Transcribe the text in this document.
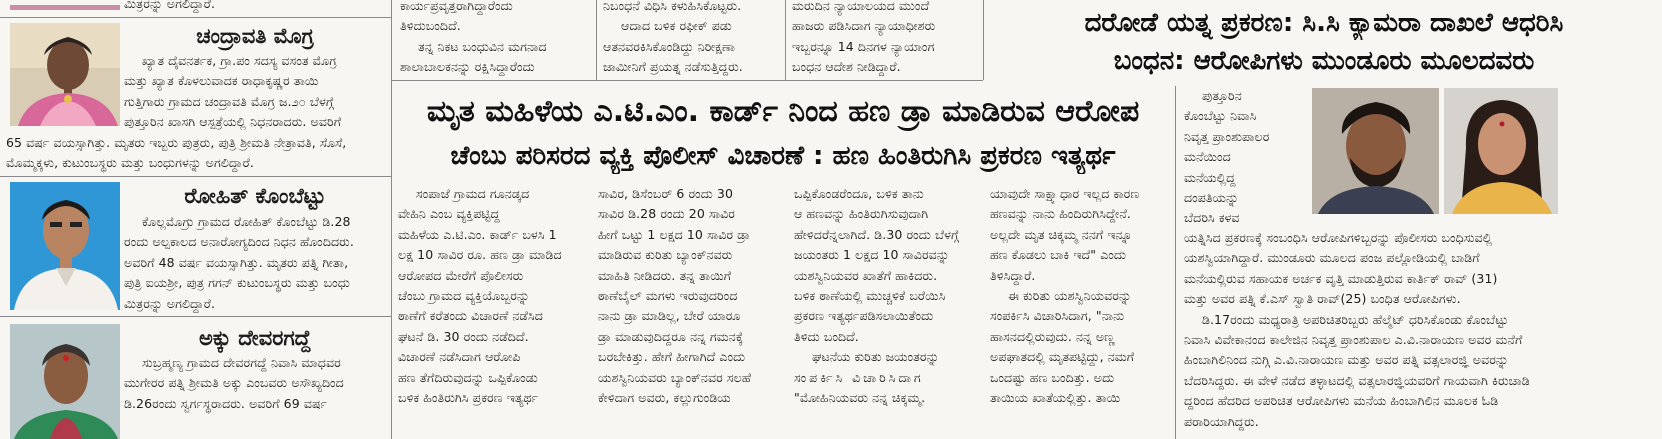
ಮಿತ್ರರನ್ನು ಅಗಲಿದ್ದಾರೆ.
ಚಂದ್ರಾವತಿ ಮೊಗ್ರ
ಖ್ಯಾತ ದೈವನರ್ತಕ, ಗ್ರಾ.ಪಂ ಸದಸ್ಯ ವಸಂತ ಮೊಗ್ರ
ಮತ್ತು ಖ್ಯಾತ ಕೊಳಲುವಾದಕ ರಾಧಾಕೃಷ್ಣರ ತಾಯಿ
ಗುತ್ತಿಗಾರು ಗ್ರಾಮದ ಚಂದ್ರಾವತಿ ಮೊಗ್ರ ಜ.೨೦ ಬೆಳಗ್ಗೆ
ಪುತ್ತೂರಿನ ಖಾಸಗಿ ಆಸ್ಪತ್ರೆಯಲ್ಲಿ ನಿಧನರಾದರು. ಅವರಿಗೆ
65 ವರ್ಷ ವಯಸ್ಸಾಗಿತ್ತು. ಮೃತರು ಇಬ್ಬರು ಪುತ್ರರು, ಪುತ್ರಿ ಶ್ರೀಮತಿ ನೇತ್ರಾವತಿ, ಸೊಸೆ,
ಮೊಮ್ಮಕ್ಕಳು, ಕುಟುಂಬಸ್ಥರು ಮತ್ತು ಬಂಧುಗಳನ್ನು ಅಗಲಿದ್ದಾರೆ.
ರೋಹಿತ್ ಕೊಂಬೆಟ್ಟು
ಕೊಲ್ಲಮೊಗ್ರು ಗ್ರಾಮದ ರೋಹಿತ್ ಕೊಂಬೆಟ್ಟು ಡಿ.28
ರಂದು ಅಲ್ಪಕಾಲದ ಅನಾರೋಗ್ಯದಿಂದ ನಿಧನ ಹೊಂದಿದರು.
ಅವರಿಗೆ 48 ವರ್ಷ ವಯಸ್ಸಾಗಿತ್ತು. ಮೃತರು ಪತ್ನಿ ಗೀತಾ,
ಪುತ್ರಿ ಐಯಶ್ರೀ, ಪುತ್ರ ಗಗನ್ ಕುಟುಂಬಸ್ಥರು ಮತ್ತು ಬಂಧು
ಮಿತ್ರರನ್ನು ಅಗಲಿದ್ದಾರೆ.
ಅಕ್ಕು ದೇವರಗದ್ದೆ
ಸುಬ್ರಹ್ಮಣ್ಯ ಗ್ರಾಮದ ದೇವರಗದ್ದೆ ನಿವಾಸಿ ಮಾಧವರ
ಮುಗೇರರ ಪತ್ನಿ ಶ್ರೀಮತಿ ಅಕ್ಕು ಎಂಬವರು ಅಸೌಖ್ಯದಿಂದ
ಡಿ.26ರಂದು ಸ್ವರ್ಗಸ್ಥರಾದರು. ಅವರಿಗೆ 69 ವರ್ಷ
ಕಾರ್ಯಪ್ರವೃತ್ತರಾಗಿದ್ದಾರೆಂದು
ತಿಳಿದುಬಂದಿದೆ.
ತನ್ನ ನಿಕಟ ಬಂಧುವಿನ ಮಗನಾದ
ಶಾಲಾಬಾಲಕನನ್ನು ರಕ್ಷಿಸಿದ್ದಾರೆಂದು
ನಿಬಂಧನೆ ವಿಧಿಸಿ ಕಳುಹಿಸಿಕೊಟ್ಟರು.
ಆದಾದ ಬಳಿಕ ರಫೀಕ್ ಪಡು
ಆತನವರಕಿಸಿಕೊಂಡಿದ್ದು ನಿರೀಕ್ಷಣಾ
ಜಾಮೀನಿಗೆ ಪ್ರಯತ್ನ ನಡೆಸುತ್ತಿದ್ದರು.
ಮರುದಿನ ನ್ಯಾಯಾಲಯದ ಮುಂದೆ
ಹಾಜರು ಪಡಿಸಿದಾಗ ನ್ಯಾಯಾಧೀಶರು
ಇಬ್ಬರನ್ನೂ 14 ದಿನಗಳ ನ್ಯಾಯಾಂಗ
ಬಂಧನ ಆದೇಶ ನೀಡಿದ್ದಾರೆ.
ದರೋಡೆ ಯತ್ನ ಪ್ರಕರಣ: ಸಿ.ಸಿ ಕ್ಯಾಮರಾ ದಾಖಲೆ ಆಧರಿಸಿ
ಬಂಧನ: ಆರೋಪಿಗಳು ಮುಂಡೂರು ಮೂಲದವರು
ಪುತ್ತೂರಿನ
ಕೊಂಬೆಟ್ಟು ನಿವಾಸಿ
ನಿವೃತ್ತ ಪ್ರಾಂಶುಪಾಲರ
ಮನೆಯಿಂದ
ಮನೆಯಲ್ಲಿದ್ದ
ದಂಪತಿಯನ್ನು
ಬೆದರಿಸಿ ಕಳವ
ಯತ್ನಿಸಿದ ಪ್ರಕರಣಕ್ಕೆ ಸಂಬಂಧಿಸಿ ಆರೋಪಿಗಳಿಬ್ಬರನ್ನು ಪೊಲೀಸರು ಬಂಧಿಸುವಲ್ಲಿ
ಯಶಸ್ವಿಯಾಗಿದ್ದಾರೆ. ಮುಂಡೂರು ಮೂಲದ ಪಂಜ ಪಲ್ಲೋಡಿಯಲ್ಲಿ ಬಾಡಿಗೆ
ಮನೆಯಲ್ಲಿರುವ ಸಹಾಯಕ ಅರ್ಚಕ ವೃತ್ತಿ ಮಾಡುತ್ತಿರುವ ಕಾರ್ತಿಕ್ ರಾವ್ (31)
ಮತ್ತು ಅವರ ಪತ್ನಿ ಕೆ.ಎಸ್ ಸ್ವಾತಿ ರಾವ್(25) ಬಂಧಿತ ಆರೋಪಿಗಳು.
ಡಿ.17ರಂದು ಮಧ್ಯರಾತ್ರಿ ಅಪರಿಚಿತರಿಬ್ಬರು ಹೆಲ್ಮೆಟ್ ಧರಿಸಿಕೊಂಡು ಕೊಂಬೆಟ್ಟು
ನಿವಾಸಿ ವಿವೇಕಾನಂದ ಕಾಲೇಜಿನ ನಿವೃತ್ತ ಪ್ರಾಂಶುಪಾಲ ಎ.ವಿ.ನಾರಾಯಣ ಅವರ ಮನೆಗೆ
ಹಿಂಬಾಗಿಲಿನಿಂದ ನುಗ್ಗಿ ಎ.ವಿ.ನಾರಾಯಣ ಮತ್ತು ಅವರ ಪತ್ನಿ ವತ್ಸಲಾರಜ್ಞಿ ಅವರನ್ನು
ಬೆದರಿಸಿದ್ದರು. ಈ ವೇಳೆ ನಡೆದ ತಳ್ಳಾಟದಲ್ಲಿ ವತ್ಸಲಾರಜ್ಞಿಯವರಿಗೆ ಗಾಯವಾಗಿ ಕಿರುಚಾಡಿ
ದ್ದರಿಂದ ಹೆದರಿದ ಅಪರಿಚಿತ ಆರೋಪಿಗಳು ಮನೆಯ ಹಿಂಬಾಗಿಲಿನ ಮೂಲಕ ಓಡಿ
ಪರಾರಿಯಾಗಿದ್ದರು.
ಮೃತ ಮಹಿಳೆಯ ಎ.ಟಿ.ಎಂ. ಕಾರ್ಡ್ ನಿಂದ ಹಣ ಡ್ರಾ ಮಾಡಿರುವ ಆರೋಪ
ಚೆಂಬು ಪರಿಸರದ ವ್ಯಕ್ತಿ ಪೊಲೀಸ್ ವಿಚಾರಣೆ : ಹಣ ಹಿಂತಿರುಗಿಸಿ ಪ್ರಕರಣ ಇತ್ಯರ್ಥ
ಸಂಪಾಜೆ ಗ್ರಾಮದ ಗೂನಡ್ಕದ
ವೇಹಿನಿ ಎಂಬ ವ್ಯಕ್ತಿಪಟ್ಟಿದ್ದ
ಮಹಿಳೆಯ ಎ.ಟಿ.ಎಂ. ಕಾರ್ಡ್ ಬಳಸಿ 1
ಲಕ್ಷ 10 ಸಾವಿರ ರೂ. ಹಣ ಡ್ರಾ ಮಾಡಿದ
ಆರೋಪದ ಮೇರೆಗೆ ಪೊಲೀಸರು
ಚೆಂಬು ಗ್ರಾಮದ ವ್ಯಕ್ತಿಯೊಬ್ಬರನ್ನು
ಠಾಣೆಗೆ ಕರೆತಂದು ವಿಚಾರಣೆ ನಡೆಸಿದ
ಘಟನೆ ಡಿ. 30 ರಂದು ನಡೆದಿದೆ.
ವಿಚಾರಣೆ ನಡೆಸಿದಾಗ ಆರೋಪಿ
ಹಣ ತೆಗೆದಿರುವುದನ್ನು ಒಪ್ಪಿಕೊಂಡು
ಬಳಿಕ ಹಿಂತಿರುಗಿಸಿ ಪ್ರಕರಣ ಇತ್ಯರ್ಥ
ಸಾವಿರ, ಡಿಸೆಂಬರ್ 6 ರಂದು 30
ಸಾವಿರ ಡಿ.28 ರಂದು 20 ಸಾವಿರ
ಹೀಗೆ ಒಟ್ಟು 1 ಲಕ್ಷದ 10 ಸಾವಿರ ಡ್ರಾ
ಮಾಡಿರುವ ಕುರಿತು ಬ್ಯಾಂಕ್‌ನವರು
ಮಾಹಿತಿ ನೀಡಿದರು. ತನ್ನ ತಾಯಿಗೆ
ಠಾಣೆಬೈಲ್ ಮಗಳು ಇರುವುದರಿಂದ
ನಾನು ಡ್ರಾ ಮಾಡಿಲ್ಲ, ಬೇರೆ ಯಾರೂ
ಡ್ರಾ ಮಾಡುವುದಿದ್ದರೂ ನನ್ನ ಗಮನಕ್ಕೆ
ಬರಬೇಕಿತ್ತು. ಹೇಗೆ ಹೀಗಾಗಿದೆ ಎಂದು
ಯಶಸ್ವಿನಿಯವರು ಬ್ಯಾಂಕ್‌ನವರ ಸಲಹೆ
ಕೇಳಿದಾಗ ಅವರು, ಕಲ್ಲುಗುಂಡಿಯ
ಒಪ್ಪಿಕೊಂಡರೆಂದೂ, ಬಳಿಕ ತಾನು
ಆ ಹಣವನ್ನು ಹಿಂತಿರುಗಿಸುವುದಾಗಿ
ಹೇಳಿದರೆನ್ನಲಾಗಿದೆ. ಡಿ.30 ರಂದು ಬೆಳಗ್ಗೆ
ಜಯಂತರು 1 ಲಕ್ಷದ 10 ಸಾವಿರವನ್ನು
ಯಶಸ್ವಿನಿಯವರ ಖಾತೆಗೆ ಹಾಕಿದರು.
ಬಳಿಕ ಠಾಣೆಯಲ್ಲಿ ಮುಚ್ಚಳಿಕೆ ಬರೆಯಿಸಿ
ಪ್ರಕರಣ ಇತ್ಯರ್ಥಪಡಿಸಲಾಯಿತೆಂದು
ತಿಳಿದು ಬಂದಿದೆ.
ಘಟನೆಯ ಕುರಿತು ಜಯಂತರನ್ನು
ಸಂಪರ್ಕಿಸಿ ವಿಚಾರಿಸಿದಾಗ
"ಮೋಹಿನಿಯವರು ನನ್ನ ಚಿಕ್ಕಮ್ಮ.
ಯಾವುದೇ ಸಾಕ್ಷ್ಯಾಧಾರ ಇಲ್ಲದ ಕಾರಣ
ಹಣವನ್ನು ನಾನು ಹಿಂದಿರುಗಿಸಿದ್ದೇನೆ.
ಅಲ್ಲದೇ ಮೃತ ಚಿಕ್ಕಮ್ಮ ನನಗೆ ಇನ್ನೂ
ಹಣ ಕೊಡಲು ಬಾಕಿ ಇದೆ" ಎಂದು
ತಿಳಿಸಿದ್ದಾರೆ.
ಈ ಕುರಿತು ಯಶಸ್ವಿನಿಯವರನ್ನು
ಸಂಪರ್ಕಿಸಿ ವಿಚಾರಿಸಿದಾಗ, "ನಾನು
ಹಾಸನದಲ್ಲಿರುವುದು. ನನ್ನ ಅಣ್ಣ
ಅಪಘಾತದಲ್ಲಿ ಮೃತಪಟ್ಟಿದ್ದು, ನಮಗೆ
ಒಂದಷ್ಟು ಹಣ ಬಂದಿತ್ತು. ಅದು
ತಾಯಿಯ ಖಾತೆಯಲ್ಲಿತ್ತು. ತಾಯಿ
